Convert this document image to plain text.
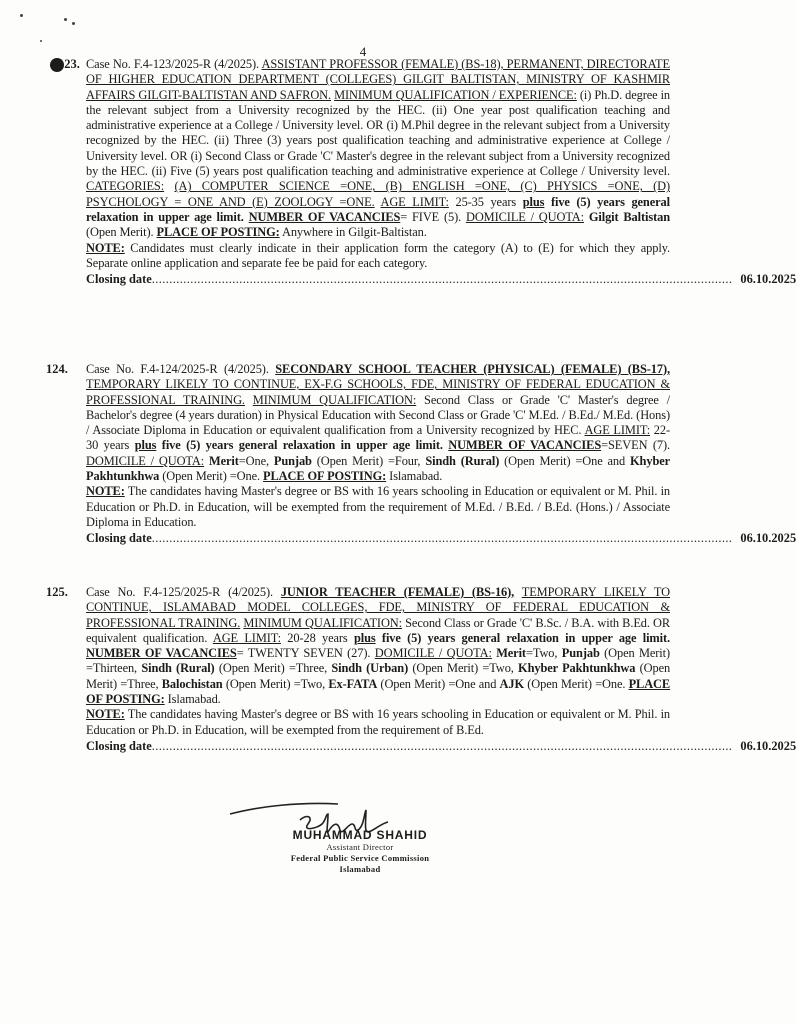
4
123. Case No. F.4-123/2025-R (4/2025). ASSISTANT PROFESSOR (FEMALE) (BS-18), PERMANENT, DIRECTORATE OF HIGHER EDUCATION DEPARTMENT (COLLEGES) GILGIT BALTISTAN, MINISTRY OF KASHMIR AFFAIRS GILGIT-BALTISTAN AND SAFRON. MINIMUM QUALIFICATION / EXPERIENCE: (i) Ph.D. degree in the relevant subject from a University recognized by the HEC. (ii) One year post qualification teaching and administrative experience at a College / University level. OR (i) M.Phil degree in the relevant subject from a University recognized by the HEC. (ii) Three (3) years post qualification teaching and administrative experience at College / University level. OR (i) Second Class or Grade 'C' Master's degree in the relevant subject from a University recognized by the HEC. (ii) Five (5) years post qualification teaching and administrative experience at College / University level. CATEGORIES: (A) COMPUTER SCIENCE =ONE, (B) ENGLISH =ONE, (C) PHYSICS =ONE, (D) PSYCHOLOGY = ONE AND (E) ZOOLOGY =ONE. AGE LIMIT: 25-35 years plus five (5) years general relaxation in upper age limit. NUMBER OF VACANCIES= FIVE (5). DOMICILE / QUOTA: Gilgit Baltistan (Open Merit). PLACE OF POSTING: Anywhere in Gilgit-Baltistan.
NOTE: Candidates must clearly indicate in their application form the category (A) to (E) for which they apply. Separate online application and separate fee be paid for each category.

Closing date ...................................................................................................................................................................... 06.10.2025
124. Case No. F.4-124/2025-R (4/2025). SECONDARY SCHOOL TEACHER (PHYSICAL) (FEMALE) (BS-17), TEMPORARY LIKELY TO CONTINUE, EX-F.G SCHOOLS, FDE, MINISTRY OF FEDERAL EDUCATION & PROFESSIONAL TRAINING. MINIMUM QUALIFICATION: Second Class or Grade 'C' Master's degree / Bachelor's degree (4 years duration) in Physical Education with Second Class or Grade 'C' M.Ed. / B.Ed./ M.Ed. (Hons) / Associate Diploma in Education or equivalent qualification from a University recognized by HEC. AGE LIMIT: 22-30 years plus five (5) years general relaxation in upper age limit. NUMBER OF VACANCIES=SEVEN (7). DOMICILE / QUOTA: Merit=One, Punjab (Open Merit) =Four, Sindh (Rural) (Open Merit) =One and Khyber Pakhtunkhwa (Open Merit) =One. PLACE OF POSTING: Islamabad.
NOTE: The candidates having Master's degree or BS with 16 years schooling in Education or equivalent or M. Phil. in Education or Ph.D. in Education, will be exempted from the requirement of M.Ed. / B.Ed. / B.Ed. (Hons.) / Associate Diploma in Education.

Closing date ...................................................................................................................................................................... 06.10.2025
125. Case No. F.4-125/2025-R (4/2025). JUNIOR TEACHER (FEMALE) (BS-16), TEMPORARY LIKELY TO CONTINUE, ISLAMABAD MODEL COLLEGES, FDE, MINISTRY OF FEDERAL EDUCATION & PROFESSIONAL TRAINING. MINIMUM QUALIFICATION: Second Class or Grade 'C' B.Sc. / B.A. with B.Ed. OR equivalent qualification. AGE LIMIT: 20-28 years plus five (5) years general relaxation in upper age limit. NUMBER OF VACANCIES= TWENTY SEVEN (27). DOMICILE / QUOTA: Merit=Two, Punjab (Open Merit) =Thirteen, Sindh (Rural) (Open Merit) =Three, Sindh (Urban) (Open Merit) =Two, Khyber Pakhtunkhwa (Open Merit) =Three, Balochistan (Open Merit) =Two, Ex-FATA (Open Merit) =One and AJK (Open Merit) =One. PLACE OF POSTING: Islamabad.
NOTE: The candidates having Master's degree or BS with 16 years schooling in Education or equivalent or M. Phil. in Education or Ph.D. in Education, will be exempted from the requirement of B.Ed.

Closing date ...................................................................................................................................................................... 06.10.2025
MUHAMMAD SHAHID
Assistant Director
Federal Public Service Commission
Islamabad
